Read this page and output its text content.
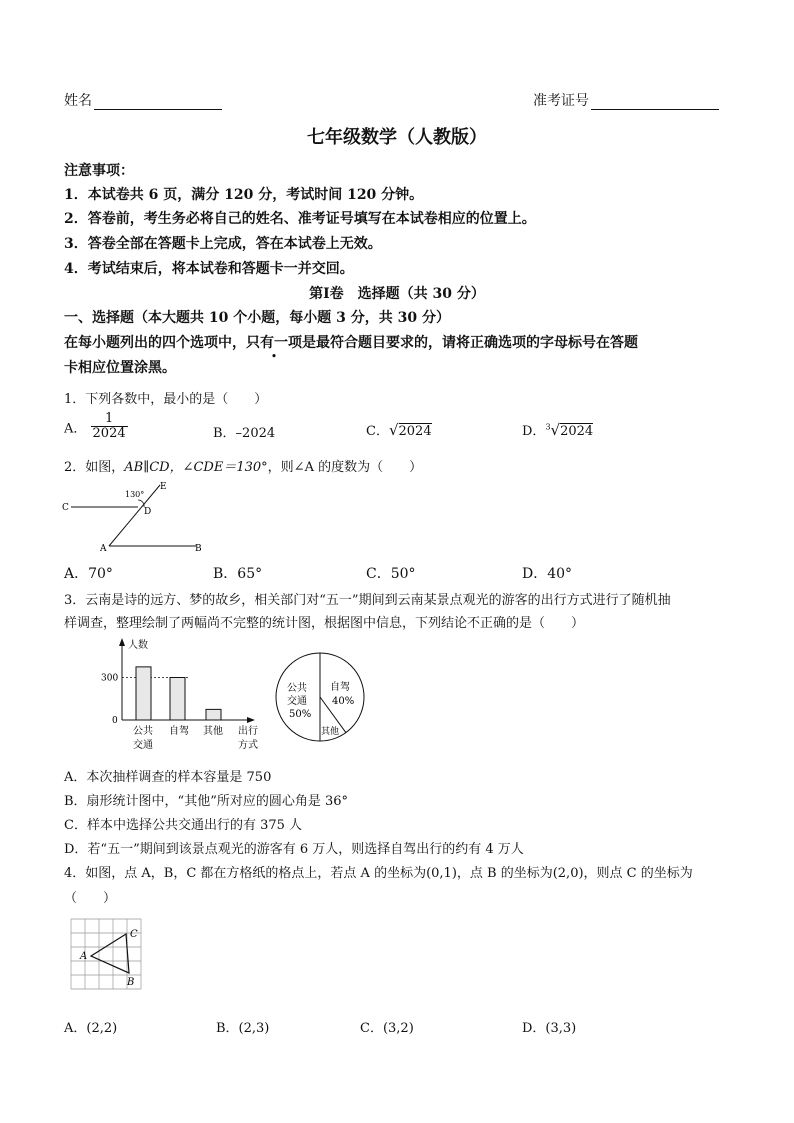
姓名	准考证号
七年级数学（人教版）
注意事项：
1．本试卷共 6 页，满分 120 分，考试时间 120 分钟。
2．答卷前，考生务必将自己的姓名、准考证号填写在本试卷相应的位置上。
3．答卷全部在答题卡上完成，答在本试卷上无效。
4．考试结束后，将本试卷和答题卡一并交回。
第Ⅰ卷　选择题（共 30 分）
一、选择题（本大题共 10 个小题，每小题 3 分，共 30 分）
在每小题列出的四个选项中，只有一项是最符合题目要求的，请将正确选项的字母标号在答题
卡相应位置涂黑。
1．下列各数中，最小的是（　　）
A． $\frac{1}{2024}$	B．–2024	C．√2024	D．$^3$√2024
2．如图，AB∥CD，∠CDE＝130°，则∠A 的度数为（　　）
130°
E
C	D
A	B
A．70°	B．65°	C．50°	D．40°
3．云南是诗的远方、梦的故乡，相关部门对“五一”期间到云南某景点观光的游客的出行方式进行了随机抽
样调查，整理绘制了两幅尚不完整的统计图，根据图中信息，下列结论不正确的是（　　）
人数
300
0
公共
交通
自驾 其他 出行
方式
公共
交通
50%
自驾
40%
其他
A．本次抽样调查的样本容量是 750
B．扇形统计图中，“其他”所对应的圆心角是 36°
C．样本中选择公共交通出行的有 375 人
D．若“五一”期间到该景点观光的游客有 6 万人，则选择自驾出行的约有 4 万人
4．如图，点 A，B，C 都在方格纸的格点上，若点 A 的坐标为(0,1)，点 B 的坐标为(2,0)，则点 C 的坐标为
（　　）
A
C
B
A．(2,2)	B．(2,3)	C．(3,2)	D．(3,3)
